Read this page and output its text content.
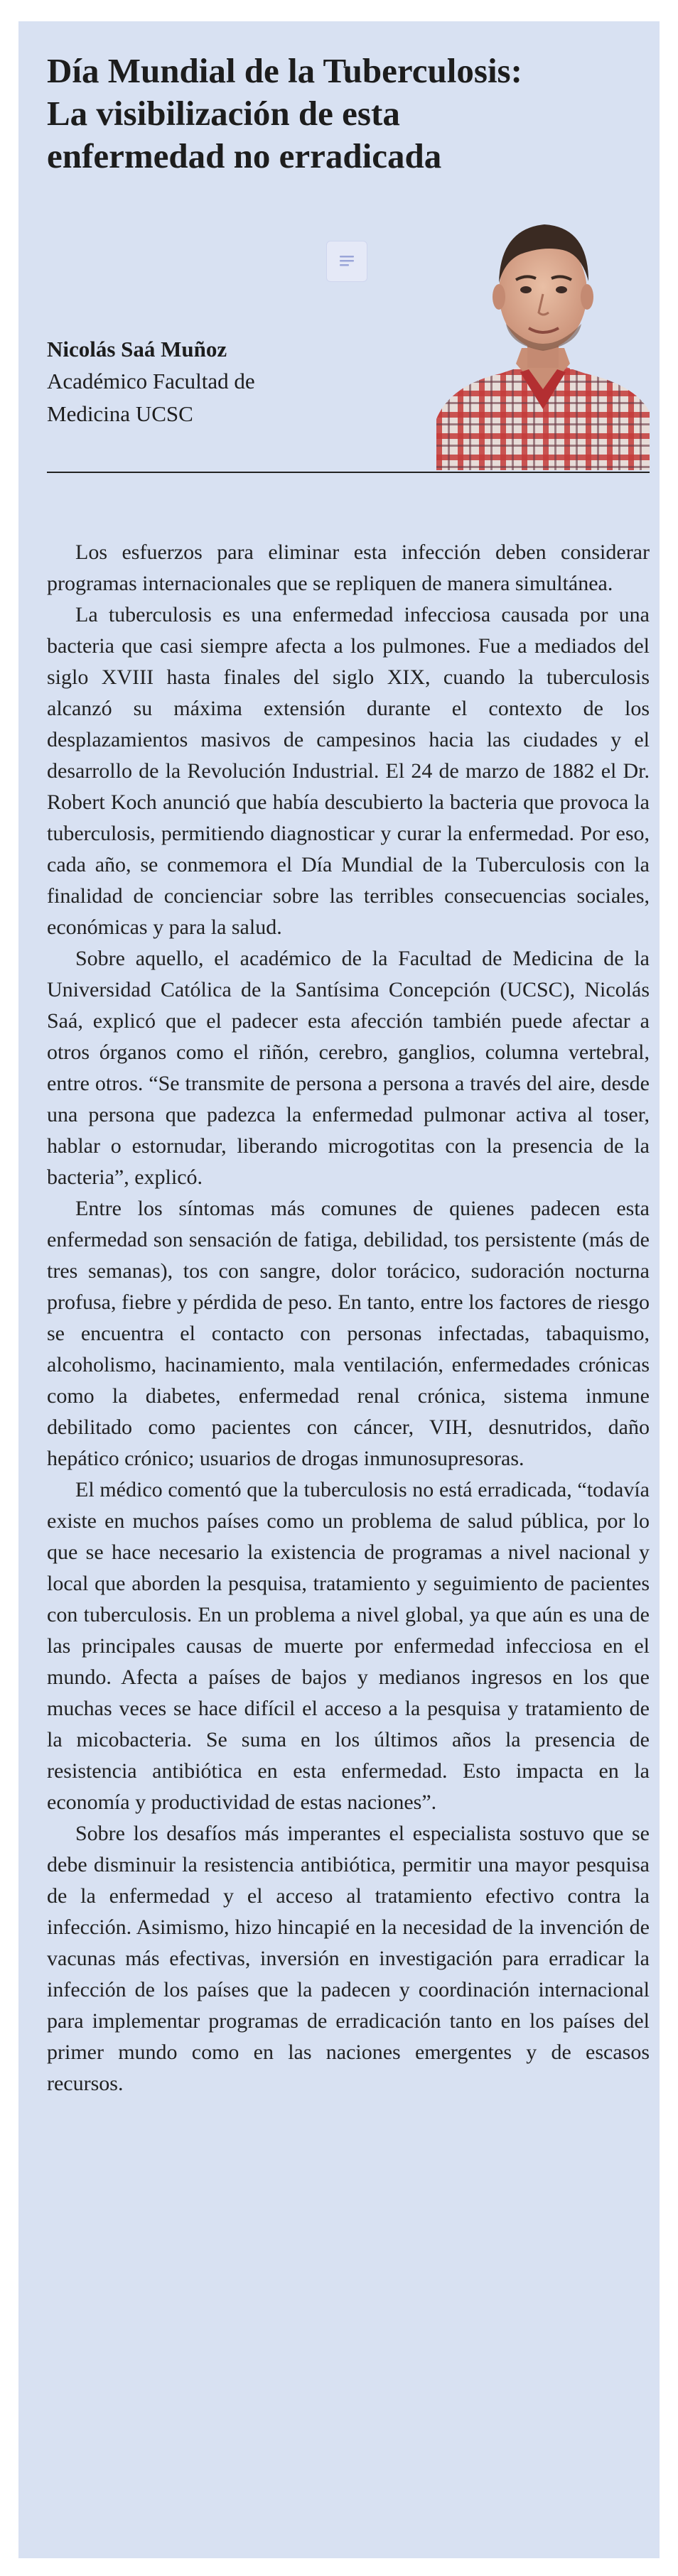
Día Mundial de la Tuberculosis:
La visibilización de esta
enfermedad no erradicada
Nicolás Saá Muñoz
Académico Facultad de
Medicina UCSC

Los esfuerzos para eliminar esta infección deben considerar programas internacionales que se repliquen de manera simultánea.

La tuberculosis es una enfermedad infecciosa causada por una bacteria que casi siempre afecta a los pulmones. Fue a mediados del siglo XVIII hasta finales del siglo XIX, cuando la tuberculosis alcanzó su máxima extensión durante el contexto de los desplazamientos masivos de campesinos hacia las ciudades y el desarrollo de la Revolución Industrial. El 24 de marzo de 1882 el Dr. Robert Koch anunció que había descubierto la bacteria que provoca la tuberculosis, permitiendo diagnosticar y curar la enfermedad. Por eso, cada año, se conmemora el Día Mundial de la Tuberculosis con la finalidad de concienciar sobre las terribles consecuencias sociales, económicas y para la salud.

Sobre aquello, el académico de la Facultad de Medicina de la Universidad Católica de la Santísima Concepción (UCSC), Nicolás Saá, explicó que el padecer esta afección también puede afectar a otros órganos como el riñón, cerebro, ganglios, columna vertebral, entre otros. “Se transmite de persona a persona a través del aire, desde una persona que padezca la enfermedad pulmonar activa al toser, hablar o estornudar, liberando microgotitas con la presencia de la bacteria”, explicó.

Entre los síntomas más comunes de quienes padecen esta enfermedad son sensación de fatiga, debilidad, tos persistente (más de tres semanas), tos con sangre, dolor torácico, sudoración nocturna profusa, fiebre y pérdida de peso. En tanto, entre los factores de riesgo se encuentra el contacto con personas infectadas, tabaquismo, alcoholismo, hacinamiento, mala ventilación, enfermedades crónicas como la diabetes, enfermedad renal crónica, sistema inmune debilitado como pacientes con cáncer, VIH, desnutridos, daño hepático crónico; usuarios de drogas inmunosupresoras.

El médico comentó que la tuberculosis no está erradicada, “todavía existe en muchos países como un problema de salud pública, por lo que se hace necesario la existencia de programas a nivel nacional y local que aborden la pesquisa, tratamiento y seguimiento de pacientes con tuberculosis. En un problema a nivel global, ya que aún es una de las principales causas de muerte por enfermedad infecciosa en el mundo. Afecta a países de bajos y medianos ingresos en los que muchas veces se hace difícil el acceso a la pesquisa y tratamiento de la micobacteria. Se suma en los últimos años la presencia de resistencia antibiótica en esta enfermedad. Esto impacta en la economía y productividad de estas naciones”.

Sobre los desafíos más imperantes el especialista sostuvo que se debe disminuir la resistencia antibiótica, permitir una mayor pesquisa de la enfermedad y el acceso al tratamiento efectivo contra la infección. Asimismo, hizo hincapié en la necesidad de la invención de vacunas más efectivas, inversión en investigación para erradicar la infección de los países que la padecen y coordinación internacional para implementar programas de erradicación tanto en los países del primer mundo como en las naciones emergentes y de escasos recursos.
